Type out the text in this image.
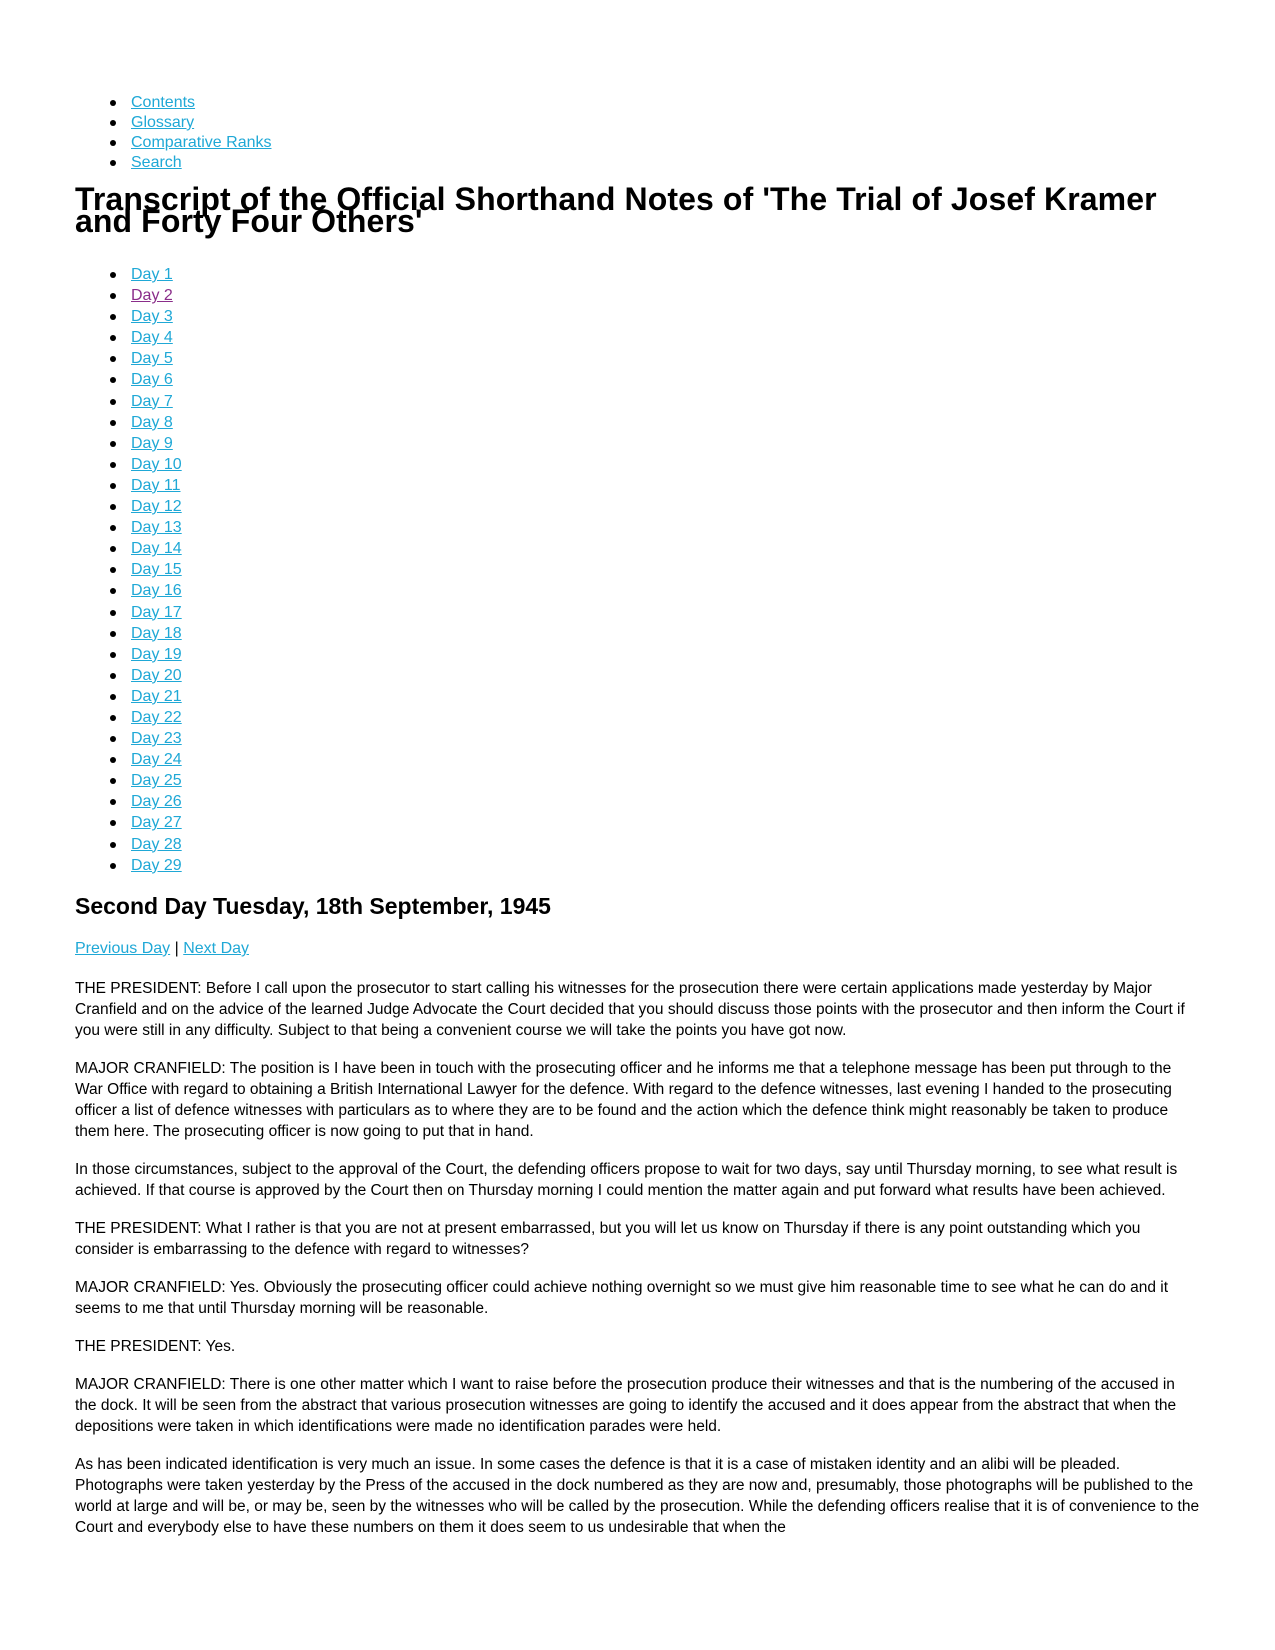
Contents
Glossary
Comparative Ranks
Search
Transcript of the Official Shorthand Notes of 'The Trial of Josef Kramer and Forty Four Others'
Day 1
Day 2
Day 3
Day 4
Day 5
Day 6
Day 7
Day 8
Day 9
Day 10
Day 11
Day 12
Day 13
Day 14
Day 15
Day 16
Day 17
Day 18
Day 19
Day 20
Day 21
Day 22
Day 23
Day 24
Day 25
Day 26
Day 27
Day 28
Day 29
Second Day Tuesday, 18th September, 1945
Previous Day | Next Day

THE PRESIDENT: Before I call upon the prosecutor to start calling his witnesses for the prosecution there were certain applications made yesterday by Major Cranfield and on the advice of the learned Judge Advocate the Court decided that you should discuss those points with the prosecutor and then inform the Court if you were still in any difficulty. Subject to that being a convenient course we will take the points you have got now.

MAJOR CRANFIELD: The position is I have been in touch with the prosecuting officer and he informs me that a telephone message has been put through to the War Office with regard to obtaining a British International Lawyer for the defence. With regard to the defence witnesses, last evening I handed to the prosecuting officer a list of defence witnesses with particulars as to where they are to be found and the action which the defence think might reasonably be taken to produce them here. The prosecuting officer is now going to put that in hand.

In those circumstances, subject to the approval of the Court, the defending officers propose to wait for two days, say until Thursday morning, to see what result is achieved. If that course is approved by the Court then on Thursday morning I could mention the matter again and put forward what results have been achieved.

THE PRESIDENT: What I rather is that you are not at present embarrassed, but you will let us know on Thursday if there is any point outstanding which you consider is embarrassing to the defence with regard to witnesses?

MAJOR CRANFIELD: Yes. Obviously the prosecuting officer could achieve nothing overnight so we must give him reasonable time to see what he can do and it seems to me that until Thursday morning will be reasonable.

THE PRESIDENT: Yes.

MAJOR CRANFIELD: There is one other matter which I want to raise before the prosecution produce their witnesses and that is the numbering of the accused in the dock. It will be seen from the abstract that various prosecution witnesses are going to identify the accused and it does appear from the abstract that when the depositions were taken in which identifications were made no identification parades were held.

As has been indicated identification is very much an issue. In some cases the defence is that it is a case of mistaken identity and an alibi will be pleaded. Photographs were taken yesterday by the Press of the accused in the dock numbered as they are now and, presumably, those photographs will be published to the world at large and will be, or may be, seen by the witnesses who will be called by the prosecution. While the defending officers realise that it is of convenience to the Court and everybody else to have these numbers on them it does seem to us undesirable that when the
